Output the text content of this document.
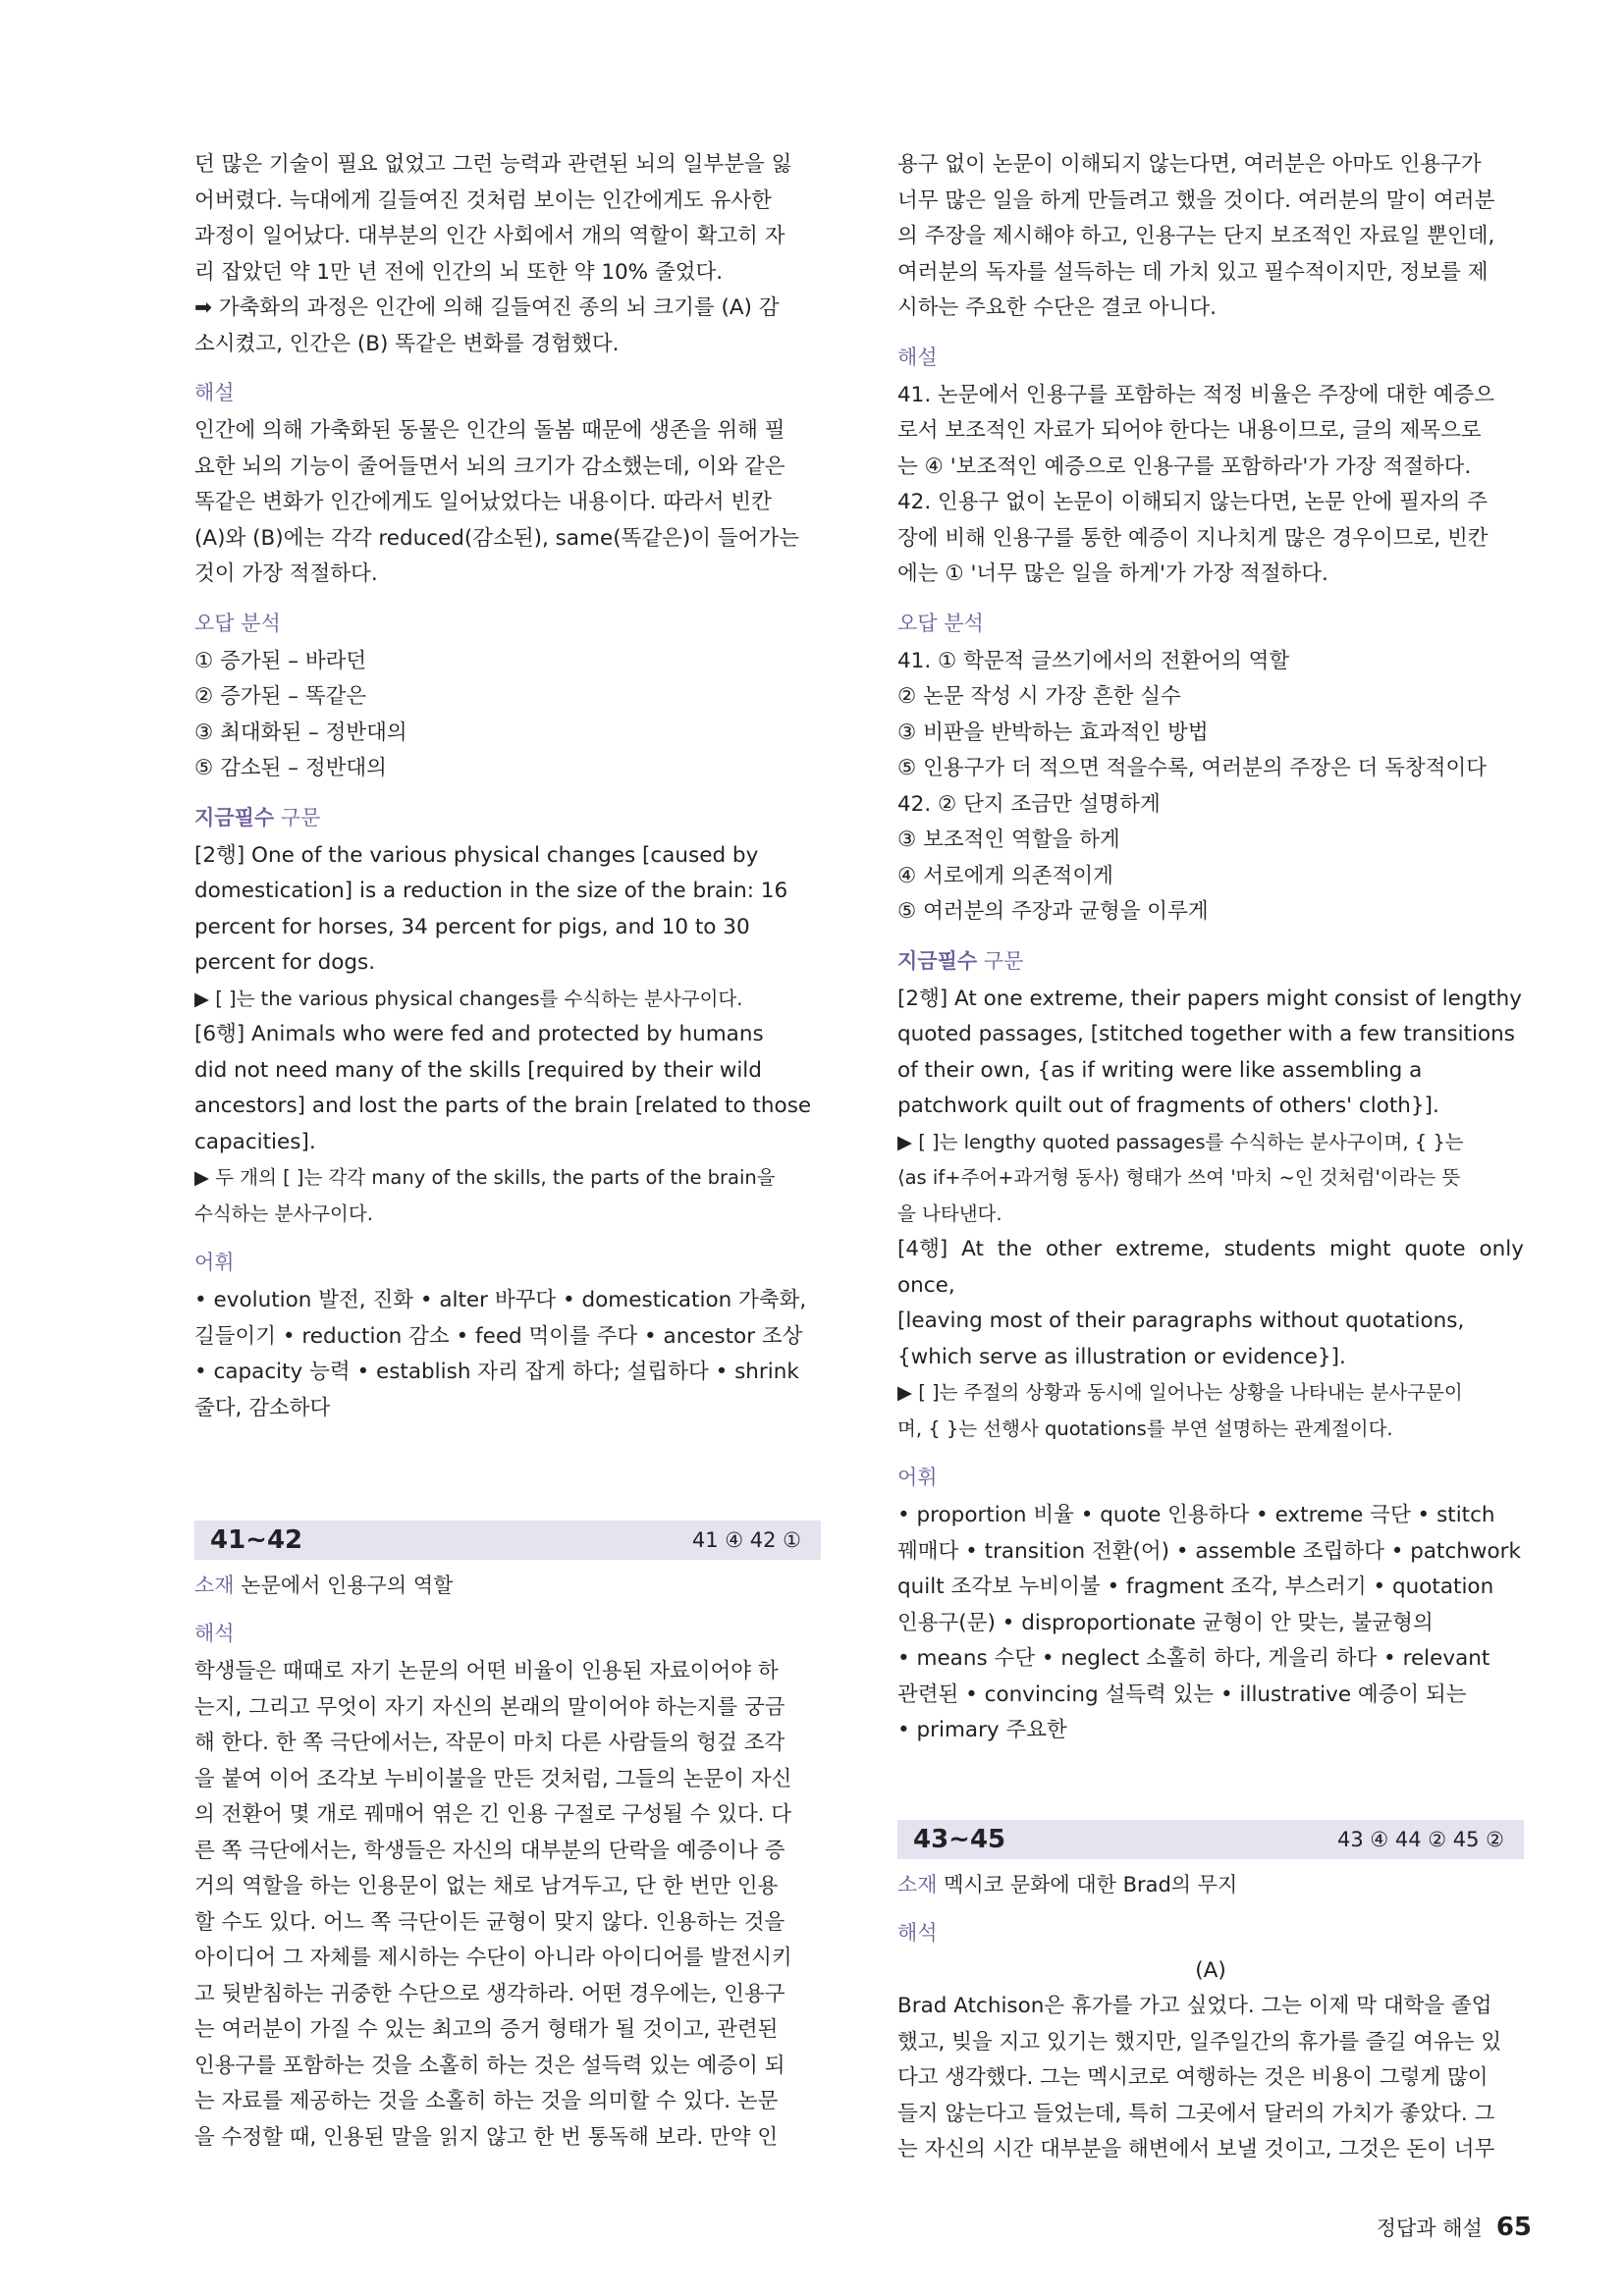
던 많은 기술이 필요 없었고 그런 능력과 관련된 뇌의 일부분을 잃

어버렸다. 늑대에게 길들여진 것처럼 보이는 인간에게도 유사한

과정이 일어났다. 대부분의 인간 사회에서 개의 역할이 확고히 자

리 잡았던 약 1만 년 전에 인간의 뇌 또한 약 10% 줄었다.

➡ 가축화의 과정은 인간에 의해 길들여진 종의 뇌 크기를 (A) 감

소시켰고, 인간은 (B) 똑같은 변화를 경험했다.

해설

인간에 의해 가축화된 동물은 인간의 돌봄 때문에 생존을 위해 필

요한 뇌의 기능이 줄어들면서 뇌의 크기가 감소했는데, 이와 같은

똑같은 변화가 인간에게도 일어났었다는 내용이다. 따라서 빈칸

(A)와 (B)에는 각각 reduced(감소된), same(똑같은)이 들어가는

것이 가장 적절하다.

오답 분석

① 증가된 – 바라던

② 증가된 – 똑같은

③ 최대화된 – 정반대의

⑤ 감소된 – 정반대의

지금필수 구문

[2행] One of the various physical changes [caused by

domestication] is a reduction in the size of the brain: 16

percent for horses, 34 percent for pigs, and 10 to 30

percent for dogs.

▶ [ ]는 the various physical changes를 수식하는 분사구이다.

[6행] Animals who were fed and protected by humans

did not need many of the skills [required by their wild

ancestors] and lost the parts of the brain [related to those

capacities].

▶ 두 개의 [ ]는 각각 many of the skills, the parts of the brain을

수식하는 분사구이다.

어휘

• evolution 발전, 진화 • alter 바꾸다 • domestication 가축화,

길들이기 • reduction 감소 • feed 먹이를 주다 • ancestor 조상

• capacity 능력 • establish 자리 잡게 하다; 설립하다 • shrink

줄다, 감소하다

41~42	41 ④ 42 ①
소재 논문에서 인용구의 역할
해석

학생들은 때때로 자기 논문의 어떤 비율이 인용된 자료이어야 하

는지, 그리고 무엇이 자기 자신의 본래의 말이어야 하는지를 궁금

해 한다. 한 쪽 극단에서는, 작문이 마치 다른 사람들의 헝겊 조각

을 붙여 이어 조각보 누비이불을 만든 것처럼, 그들의 논문이 자신

의 전환어 몇 개로 꿰매어 엮은 긴 인용 구절로 구성될 수 있다. 다

른 쪽 극단에서는, 학생들은 자신의 대부분의 단락을 예증이나 증

거의 역할을 하는 인용문이 없는 채로 남겨두고, 단 한 번만 인용

할 수도 있다. 어느 쪽 극단이든 균형이 맞지 않다. 인용하는 것을

아이디어 그 자체를 제시하는 수단이 아니라 아이디어를 발전시키

고 뒷받침하는 귀중한 수단으로 생각하라. 어떤 경우에는, 인용구

는 여러분이 가질 수 있는 최고의 증거 형태가 될 것이고, 관련된

인용구를 포함하는 것을 소홀히 하는 것은 설득력 있는 예증이 되

는 자료를 제공하는 것을 소홀히 하는 것을 의미할 수 있다. 논문

을 수정할 때, 인용된 말을 읽지 않고 한 번 통독해 보라. 만약 인

용구 없이 논문이 이해되지 않는다면, 여러분은 아마도 인용구가

너무 많은 일을 하게 만들려고 했을 것이다. 여러분의 말이 여러분

의 주장을 제시해야 하고, 인용구는 단지 보조적인 자료일 뿐인데,

여러분의 독자를 설득하는 데 가치 있고 필수적이지만, 정보를 제

시하는 주요한 수단은 결코 아니다.

해설

41. 논문에서 인용구를 포함하는 적정 비율은 주장에 대한 예증으

로서 보조적인 자료가 되어야 한다는 내용이므로, 글의 제목으로

는 ④ '보조적인 예증으로 인용구를 포함하라'가 가장 적절하다.

42. 인용구 없이 논문이 이해되지 않는다면, 논문 안에 필자의 주

장에 비해 인용구를 통한 예증이 지나치게 많은 경우이므로, 빈칸

에는 ① '너무 많은 일을 하게'가 가장 적절하다.

오답 분석

41. ① 학문적 글쓰기에서의 전환어의 역할

② 논문 작성 시 가장 흔한 실수

③ 비판을 반박하는 효과적인 방법

⑤ 인용구가 더 적으면 적을수록, 여러분의 주장은 더 독창적이다

42. ② 단지 조금만 설명하게

③ 보조적인 역할을 하게

④ 서로에게 의존적이게

⑤ 여러분의 주장과 균형을 이루게

지금필수 구문

[2행] At one extreme, their papers might consist of lengthy

quoted passages, [stitched together with a few transitions

of their own, {as if writing were like assembling a

patchwork quilt out of fragments of others' cloth}].

▶ [ ]는 lengthy quoted passages를 수식하는 분사구이며, { }는

⟨as if+주어+과거형 동사⟩ 형태가 쓰여 '마치 ~인 것처럼'이라는 뜻

을 나타낸다.

[4행] At the other extreme, students might quote only once,

[leaving most of their paragraphs without quotations,

{which serve as illustration or evidence}].

▶ [ ]는 주절의 상황과 동시에 일어나는 상황을 나타내는 분사구문이

며, { }는 선행사 quotations를 부연 설명하는 관계절이다.

어휘

• proportion 비율 • quote 인용하다 • extreme 극단 • stitch

꿰매다 • transition 전환(어) • assemble 조립하다 • patchwork

quilt 조각보 누비이불 • fragment 조각, 부스러기 • quotation

인용구(문) • disproportionate 균형이 안 맞는, 불균형의

• means 수단 • neglect 소홀히 하다, 게을리 하다 • relevant

관련된 • convincing 설득력 있는 • illustrative 예증이 되는

• primary 주요한

43~45	43 ④ 44 ② 45 ②
소재 멕시코 문화에 대한 Brad의 무지
해석

(A)

Brad Atchison은 휴가를 가고 싶었다. 그는 이제 막 대학을 졸업

했고, 빚을 지고 있기는 했지만, 일주일간의 휴가를 즐길 여유는 있

다고 생각했다. 그는 멕시코로 여행하는 것은 비용이 그렇게 많이

들지 않는다고 들었는데, 특히 그곳에서 달러의 가치가 좋았다. 그

는 자신의 시간 대부분을 해변에서 보낼 것이고, 그것은 돈이 너무

정답과 해설 65
